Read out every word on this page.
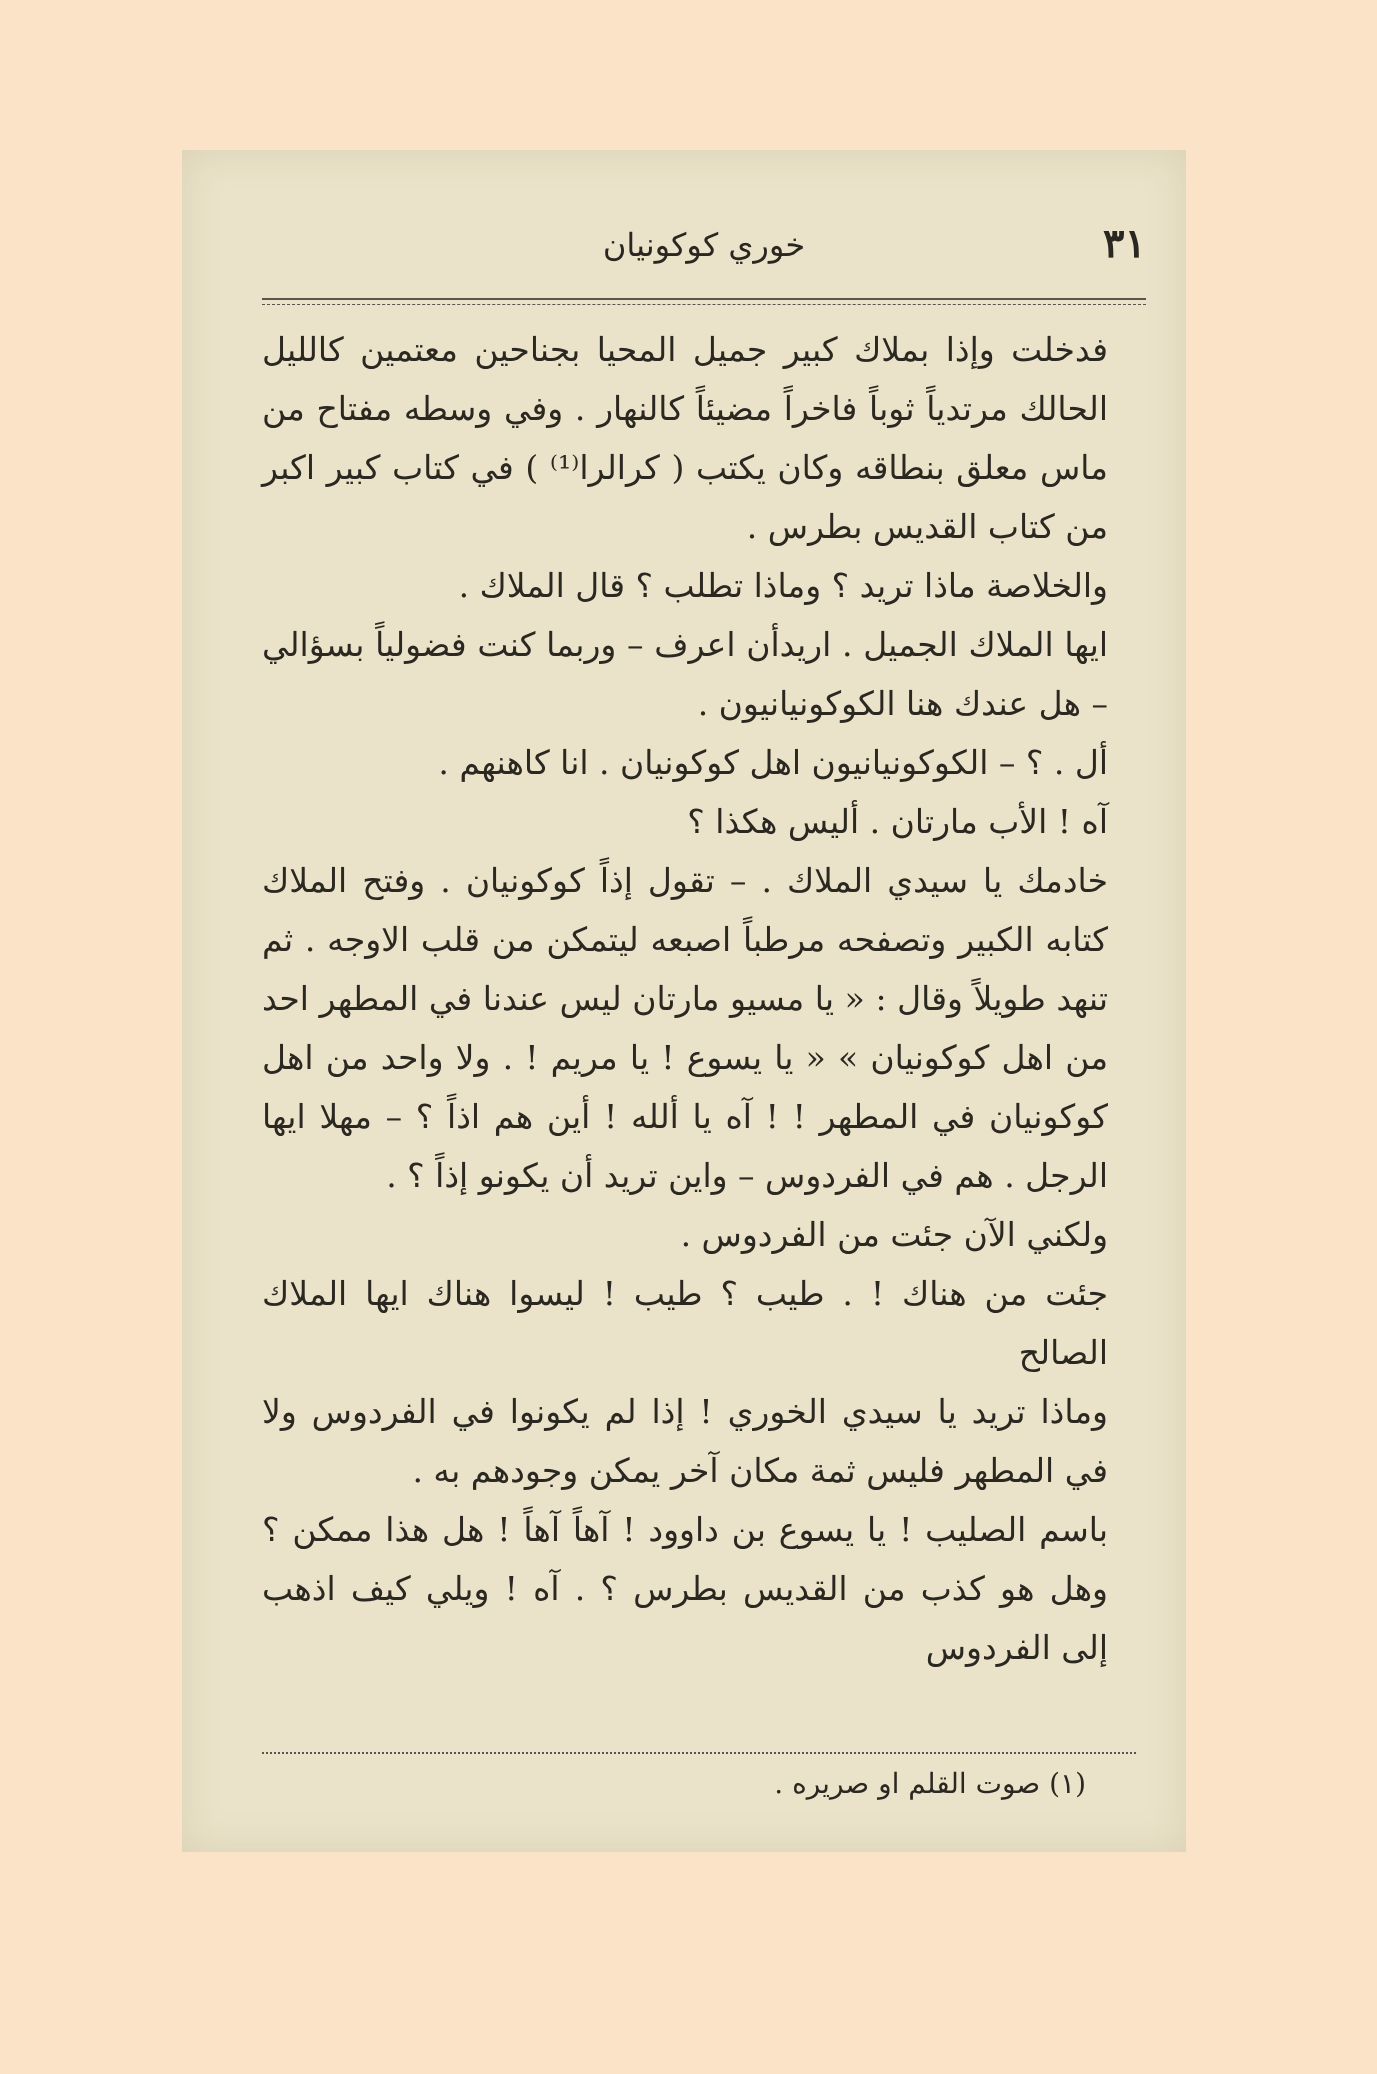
٣١
خوري كوكونيان

فدخلت وإذا بملاك كبير جميل المحيا بجناحين معتمين كالليل الحالك مرتدياً ثوباً فاخراً مضيئاً كالنهار . وفي وسطه مفتاح من ماس معلق بنطاقه وكان يكتب ( كرالرا⁽¹⁾ ) في كتاب كبير اكبر من كتاب القديس بطرس .

والخلاصة ماذا تريد ؟ وماذا تطلب ؟ قال الملاك .

ايها الملاك الجميل . اريدأن اعرف – وربما كنت فضولياً بسؤالي – هل عندك هنا الكوكونيانيون .

أل . ؟ – الكوكونيانيون اهل كوكونيان . انا كاهنهم .

آه ! الأب مارتان . أليس هكذا ؟

خادمك يا سيدي الملاك . – تقول إذاً كوكونيان . وفتح الملاك كتابه الكبير وتصفحه مرطباً اصبعه ليتمكن من قلب الاوجه . ثم تنهد طويلاً وقال : « يا مسيو مارتان ليس عندنا في المطهر احد من اهل كوكونيان » « يا يسوع ! يا مريم ! . ولا واحد من اهل كوكونيان في المطهر ! ! آه يا ألله ! أين هم اذاً ؟ – مهلا ايها الرجل . هم في الفردوس – واين تريد أن يكونو إذاً ؟ .

ولكني الآن جئت من الفردوس .

جئت من هناك ! . طيب ؟ طيب ! ليسوا هناك ايها الملاك الصالح

وماذا تريد يا سيدي الخوري ! إذا لم يكونوا في الفردوس ولا في المطهر فليس ثمة مكان آخر يمكن وجودهم به .

باسم الصليب ! يا يسوع بن داوود ! آهاً آهاً ! هل هذا ممكن ؟ وهل هو كذب من القديس بطرس ؟ . آه ! ويلي كيف اذهب إلى الفردوس

(١) صوت القلم او صريره .
